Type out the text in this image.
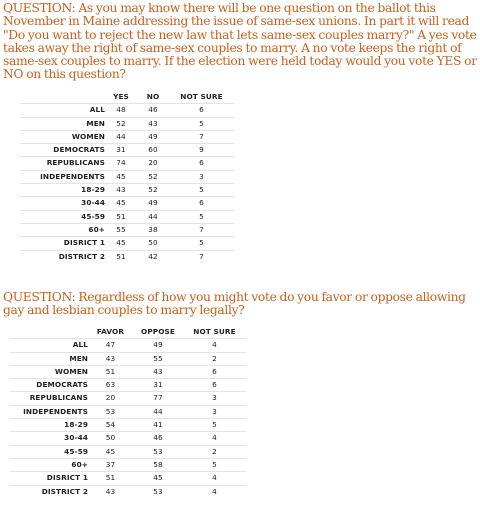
QUESTION: As you may know there will be one question on the ballot this November in Maine addressing the issue of same-sex unions. In part it will read "Do you want to reject the new law that lets same-sex couples marry?" A yes vote takes away the right of same-sex couples to marry. A no vote keeps the right of same-sex couples to marry. If the election were held today would you vote YES or NO on this question?

	YES	NO	NOT SURE
ALL	48	46	6
MEN	52	43	5
WOMEN	44	49	7
DEMOCRATS	31	60	9
REPUBLICANS	74	20	6
INDEPENDENTS	45	52	3
18-29	43	52	5
30-44	45	49	6
45-59	51	44	5
60+	55	38	7
DISRICT 1	45	50	5
DISTRICT 2	51	42	7

QUESTION: Regardless of how you might vote do you favor or oppose allowing gay and lesbian couples to marry legally?

	FAVOR	OPPOSE	NOT SURE
ALL	47	49	4
MEN	43	55	2
WOMEN	51	43	6
DEMOCRATS	63	31	6
REPUBLICANS	20	77	3
INDEPENDENTS	53	44	3
18-29	54	41	5
30-44	50	46	4
45-59	45	53	2
60+	37	58	5
DISRICT 1	51	45	4
DISTRICT 2	43	53	4
